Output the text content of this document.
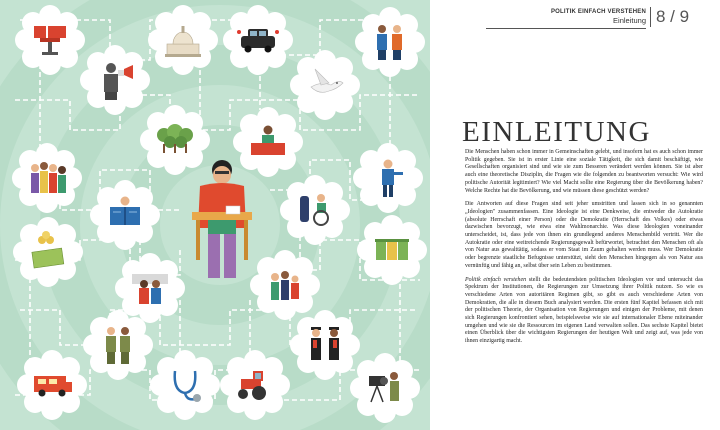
POLITIK EINFACH VERSTEHEN
Einleitung 8 / 9
EINLEITUNG

Die Menschen haben schon immer in Gemeinschaften gelebt, und insofern hat es auch schon immer Politik gegeben. Sie ist in erster Linie eine soziale Tätigkeit, die sich damit beschäftigt, wie Gesellschaften organisiert sind und wie sie zum Besseren verändert werden können. Sie ist aber auch eine theoretische Disziplin, die Fragen wie die folgenden zu beantworten versucht: Wie wird politische Autorität legitimiert? Wie viel Macht sollte eine Regierung über die Bevölkerung haben? Welche Rechte hat die Bevölkerung, und wie müssen diese geschützt werden?

Die Antworten auf diese Fragen sind seit jeher umstritten und lassen sich in so genannten „Ideologien" zusammenfassen. Eine Ideologie ist eine Denkweise, die entweder die Autokratie (absolute Herrschaft einer Person) oder die Demokratie (Herrschaft des Volkes) oder etwas dazwischen bevorzugt, wie etwa eine Wahlmonarchie. Was diese Ideologien voneinander unterscheidet, ist, dass jede von ihnen ein grundlegend anderes Menschenbild vertritt. Wer die Autokratie oder eine weitreichende Regierungsgewalt befürwortet, betrachtet den Menschen oft als von Natur aus gewalttätig, sodass er vom Staat im Zaum gehalten werden muss. Wer Demokratie oder begrenzte staatliche Befugnisse unterstützt, sieht den Menschen hingegen als von Natur aus vernünftig und fähig an, selbst über sein Leben zu bestimmen.

Politik einfach verstehen stellt die bedeutendsten politischen Ideologien vor und untersucht das Spektrum der Institutionen, die Regierungen zur Umsetzung ihrer Politik nutzen. So wie es verschiedene Arten von autoritären Regimen gibt, so gibt es auch verschiedene Arten von Demokratien, die alle in diesem Buch analysiert werden. Die ersten fünf Kapitel befassen sich mit der politischen Theorie, der Organisation von Regierungen und einigen der Probleme, mit denen sich Regierungen konfrontiert sehen, beispielsweise wie sie auf internationaler Ebene miteinander umgehen und wie sie die Ressourcen im eigenen Land verwalten sollen. Das sechste Kapitel bietet einen Überblick über die wichtigsten Regierungen der heutigen Welt und zeigt auf, was jede von ihnen einzigartig macht.
